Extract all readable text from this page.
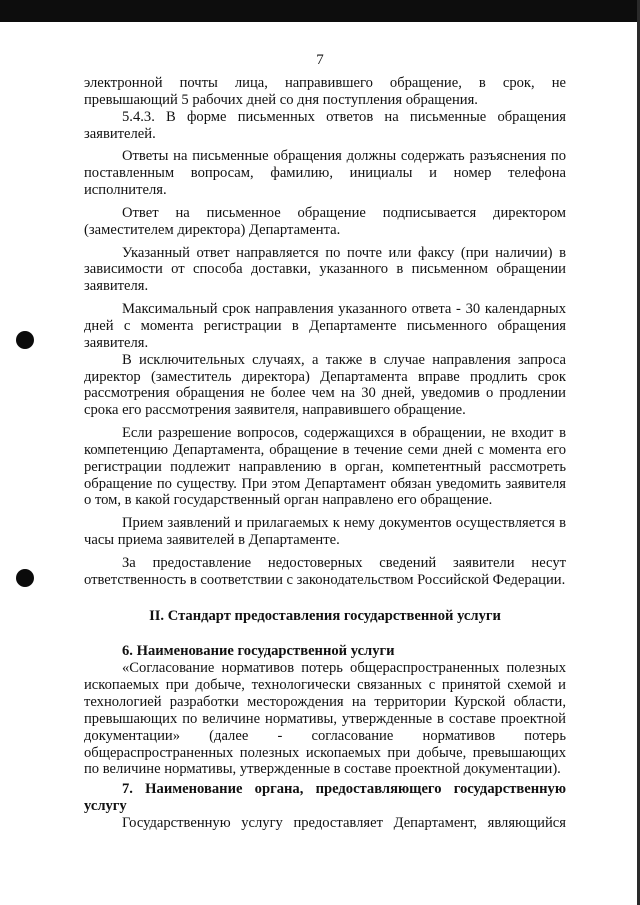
7

электронной почты лица, направившего обращение, в срок, не превышающий 5 рабочих дней со дня поступления обращения.

5.4.3. В форме письменных ответов на письменные обращения заявителей.

Ответы на письменные обращения должны содержать разъяснения по поставленным вопросам, фамилию, инициалы и номер телефона исполнителя.

Ответ на письменное обращение подписывается директором (заместителем директора) Департамента.

Указанный ответ направляется по почте или факсу (при наличии) в зависимости от способа доставки, указанного в письменном обращении заявителя.

Максимальный срок направления указанного ответа - 30 календарных дней с момента регистрации в Департаменте письменного обращения заявителя.

В исключительных случаях, а также в случае направления запроса директор (заместитель директора) Департамента вправе продлить срок рассмотрения обращения не более чем на 30 дней, уведомив о продлении срока его рассмотрения заявителя, направившего обращение.

Если разрешение вопросов, содержащихся в обращении, не входит в компетенцию Департамента, обращение в течение семи дней с момента его регистрации подлежит направлению в орган, компетентный рассмотреть обращение по существу. При этом Департамент обязан уведомить заявителя о том, в какой государственный орган направлено его обращение.

Прием заявлений и прилагаемых к нему документов осуществляется в часы приема заявителей в Департаменте.

За предоставление недостоверных сведений заявители несут ответственность в соответствии с законодательством Российской Федерации.

II. Стандарт предоставления государственной услуги

6. Наименование государственной услуги

«Согласование нормативов потерь общераспространенных полезных ископаемых при добыче, технологически связанных с принятой схемой и технологией разработки месторождения на территории Курской области, превышающих по величине нормативы, утвержденные в составе проектной документации» (далее - согласование нормативов потерь общераспространенных полезных ископаемых при добыче, превышающих по величине нормативы, утвержденные в составе проектной документации).

7. Наименование органа, предоставляющего государственную услугу

Государственную услугу предоставляет Департамент, являющийся
